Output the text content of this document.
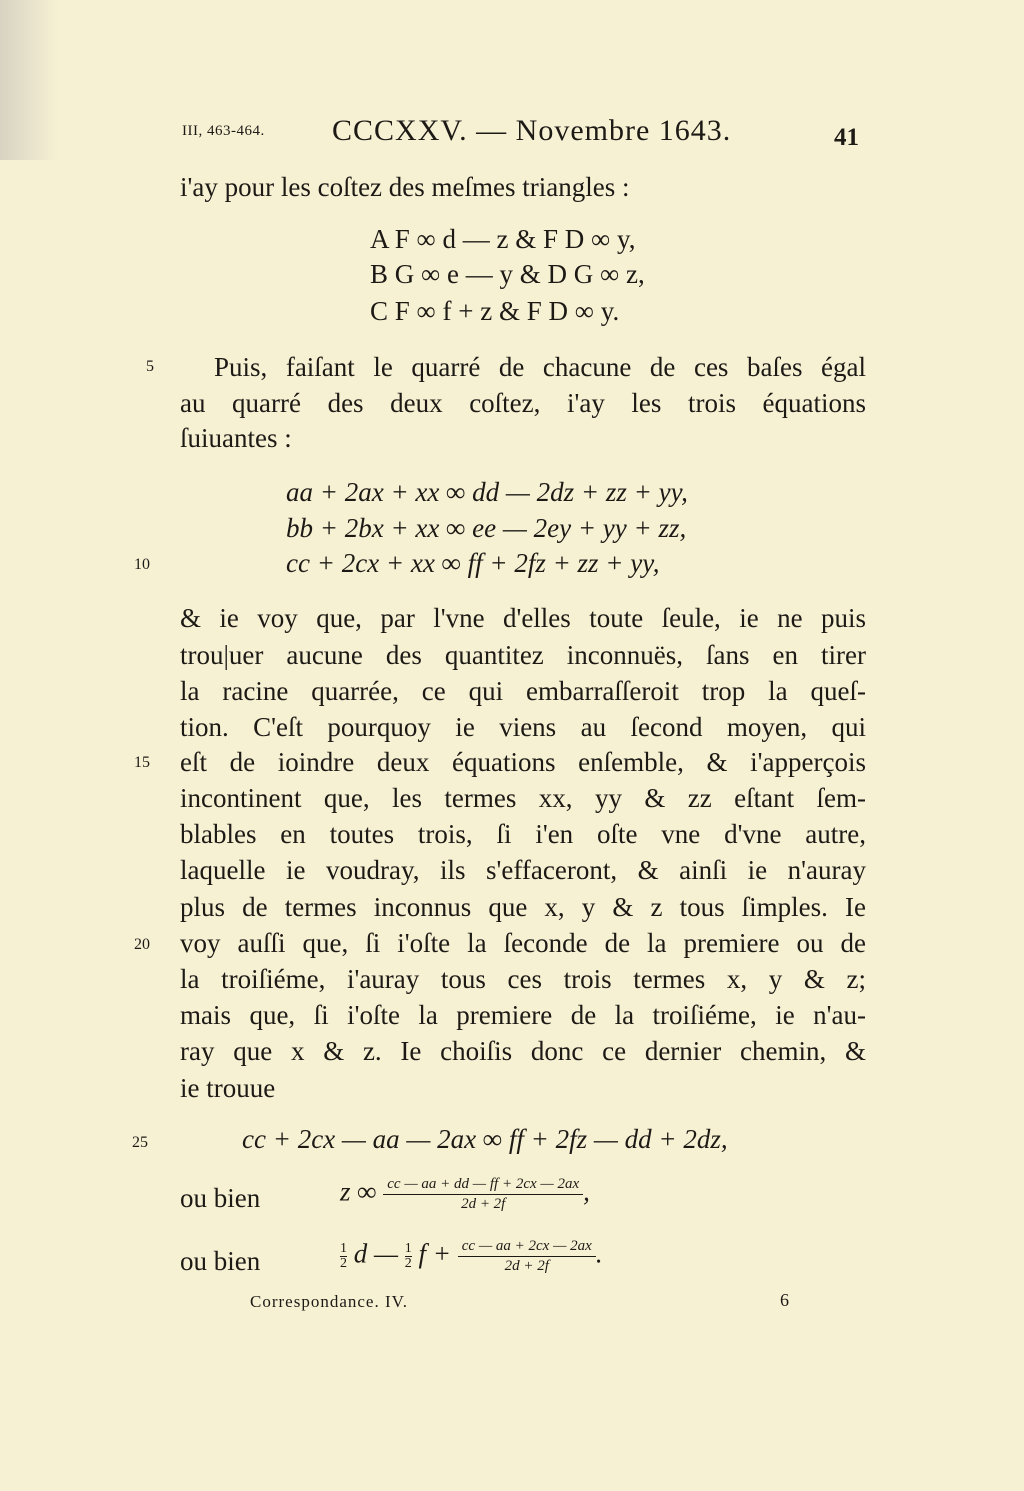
III, 463-464. CCCXXV. — Novembre 1643.	41
i'ay pour les coſtez des meſmes triangles :
A F ∞ d — z & F D ∞ y,
B G ∞ e — y & D G ∞ z,
C F ∞ f + z & F D ∞ y.
5 Puis, faiſant le quarré de chacune de ces baſes égal
au quarré des deux coſtez, i'ay les trois équations
ſuiuantes :
aa + 2ax + xx ∞ dd — 2dz + zz + yy,
bb + 2bx + xx ∞ ee — 2ey + yy + zz,
10	cc + 2cx + xx ∞ ff + 2fz + zz + yy,
& ie voy que, par l'vne d'elles toute ſeule, ie ne puis
trou|uer aucune des quantitez inconnuës, ſans en tirer
la racine quarrée, ce qui embarraſſeroit trop la queſ-
tion. C'eſt pourquoy ie viens au ſecond moyen, qui
15 eſt de ioindre deux équations enſemble, & i'apperçois
incontinent que, les termes xx, yy & zz eſtant ſem-
blables en toutes trois, ſi i'en oſte vne d'vne autre,
laquelle ie voudray, ils s'effaceront, & ainſi ie n'auray
plus de termes inconnus que x, y & z tous ſimples. Ie
20 voy auſſi que, ſi i'oſte la ſeconde de la premiere ou de
la troiſiéme, i'auray tous ces trois termes x, y & z;
mais que, ſi i'oſte la premiere de la troiſiéme, ie n'au-
ray que x & z. Ie choiſis donc ce dernier chemin, &
ie trouue
25	cc + 2cx — aa — 2ax ∞ ff + 2fz — dd + 2dz,
ou bien	z ∞ $\frac{cc — aa + dd — ff + 2cx — 2ax}{2d + 2f}$ ,
ou bien	$\frac{1}{2}$ d — $\frac{1}{2}$ $f + \frac{cc — aa + 2cx — 2ax}{2d + 2f}$ .
Correspondance. IV.	6
